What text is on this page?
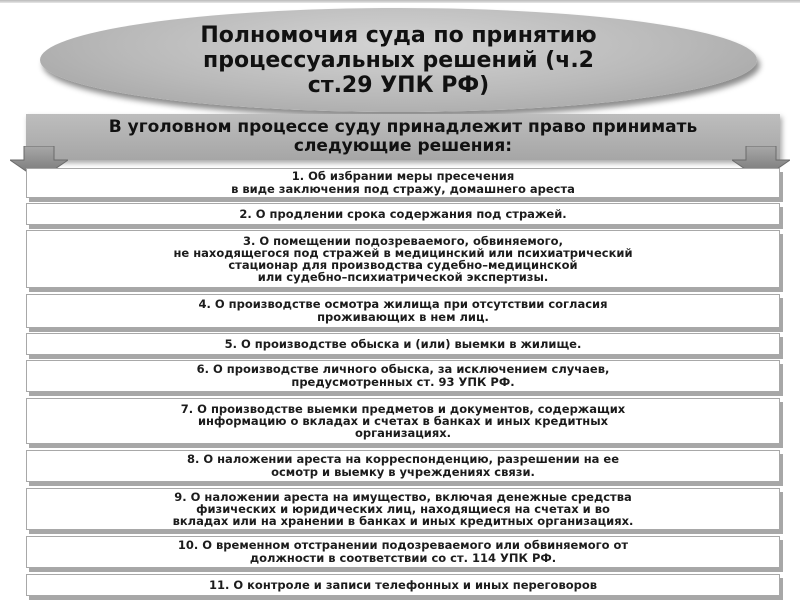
Полномочия суда по принятию процессуальных решений (ч.2 ст.29 УПК РФ)
В уголовном процессе суду принадлежит право принимать следующие решения:
1. Об избрании меры пресечения
в виде заключения под стражу, домашнего ареста
2. О продлении срока содержания под стражей.
3. О помещении подозреваемого, обвиняемого,
не находящегося под стражей в медицинский или психиатрический
стационар для производства судебно–медицинской
или судебно–психиатрической экспертизы.
4. О производстве осмотра жилища при отсутствии согласия
проживающих в нем лиц.
5. О производстве обыска и (или) выемки в жилище.
6. О производстве личного обыска, за исключением случаев,
предусмотренных ст. 93 УПК РФ.
7. О производстве выемки предметов и документов, содержащих
информацию о вкладах и счетах в банках и иных кредитных
организациях.
8. О наложении ареста на корреспонденцию, разрешении на ее
осмотр и выемку в учреждениях связи.
9. О наложении ареста на имущество, включая денежные средства
физических и юридических лиц, находящиеся на счетах и во
вкладах или на хранении в банках и иных кредитных организациях.
10. О временном отстранении подозреваемого или обвиняемого от
должности в соответствии со ст. 114 УПК РФ.
11. О контроле и записи телефонных и иных переговоров
